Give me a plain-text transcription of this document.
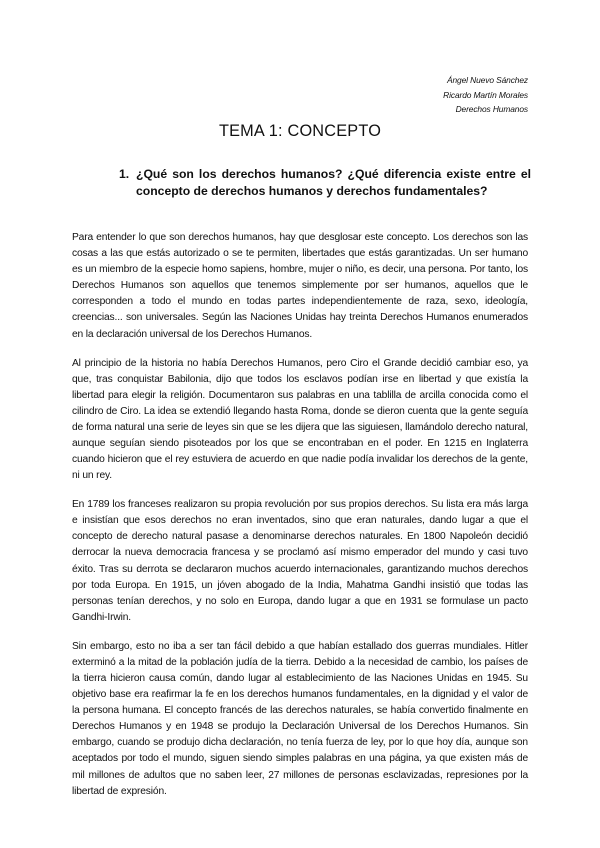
Ángel Nuevo Sánchez
Ricardo Martín Morales
Derechos Humanos
TEMA 1: CONCEPTO
1. ¿Qué son los derechos humanos? ¿Qué diferencia existe entre el concepto de derechos humanos y derechos fundamentales?

Para entender lo que son derechos humanos, hay que desglosar este concepto. Los derechos son las cosas a las que estás autorizado o se te permiten, libertades que estás garantizadas. Un ser humano es un miembro de la especie homo sapiens, hombre, mujer o niño, es decir, una persona. Por tanto, los Derechos Humanos son aquellos que tenemos simplemente por ser humanos, aquellos que le corresponden a todo el mundo en todas partes independientemente de raza, sexo, ideología, creencias... son universales. Según las Naciones Unidas hay treinta Derechos Humanos enumerados en la declaración universal de los Derechos Humanos.

Al principio de la historia no había Derechos Humanos, pero Ciro el Grande decidió cambiar eso, ya que, tras conquistar Babilonia, dijo que todos los esclavos podían irse en libertad y que existía la libertad para elegir la religión. Documentaron sus palabras en una tablilla de arcilla conocida como el cilindro de Ciro. La idea se extendió llegando hasta Roma, donde se dieron cuenta que la gente seguía de forma natural una serie de leyes sin que se les dijera que las siguiesen, llamándolo derecho natural, aunque seguían siendo pisoteados por los que se encontraban en el poder. En 1215 en Inglaterra cuando hicieron que el rey estuviera de acuerdo en que nadie podía invalidar los derechos de la gente, ni un rey.

En 1789 los franceses realizaron su propia revolución por sus propios derechos. Su lista era más larga e insistían que esos derechos no eran inventados, sino que eran naturales, dando lugar a que el concepto de derecho natural pasase a denominarse derechos naturales. En 1800 Napoleón decidió derrocar la nueva democracia francesa y se proclamó así mismo emperador del mundo y casi tuvo éxito. Tras su derrota se declararon muchos acuerdo internacionales, garantizando muchos derechos por toda Europa. En 1915, un jóven abogado de la India, Mahatma Gandhi insistió que todas las personas tenían derechos, y no solo en Europa, dando lugar a que en 1931 se formulase un pacto Gandhi-Irwin.

Sin embargo, esto no iba a ser tan fácil debido a que habían estallado dos guerras mundiales. Hitler exterminó a la mitad de la población judía de la tierra. Debido a la necesidad de cambio, los países de la tierra hicieron causa común, dando lugar al establecimiento de las Naciones Unidas en 1945. Su objetivo base era reafirmar la fe en los derechos humanos fundamentales, en la dignidad y el valor de la persona humana. El concepto francés de las derechos naturales, se había convertido finalmente en Derechos Humanos y en 1948 se produjo la Declaración Universal de los Derechos Humanos. Sin embargo, cuando se produjo dicha declaración, no tenía fuerza de ley, por lo que hoy día, aunque son aceptados por todo el mundo, siguen siendo simples palabras en una página, ya que existen más de mil millones de adultos que no saben leer, 27 millones de personas esclavizadas, represiones por la libertad de expresión.
